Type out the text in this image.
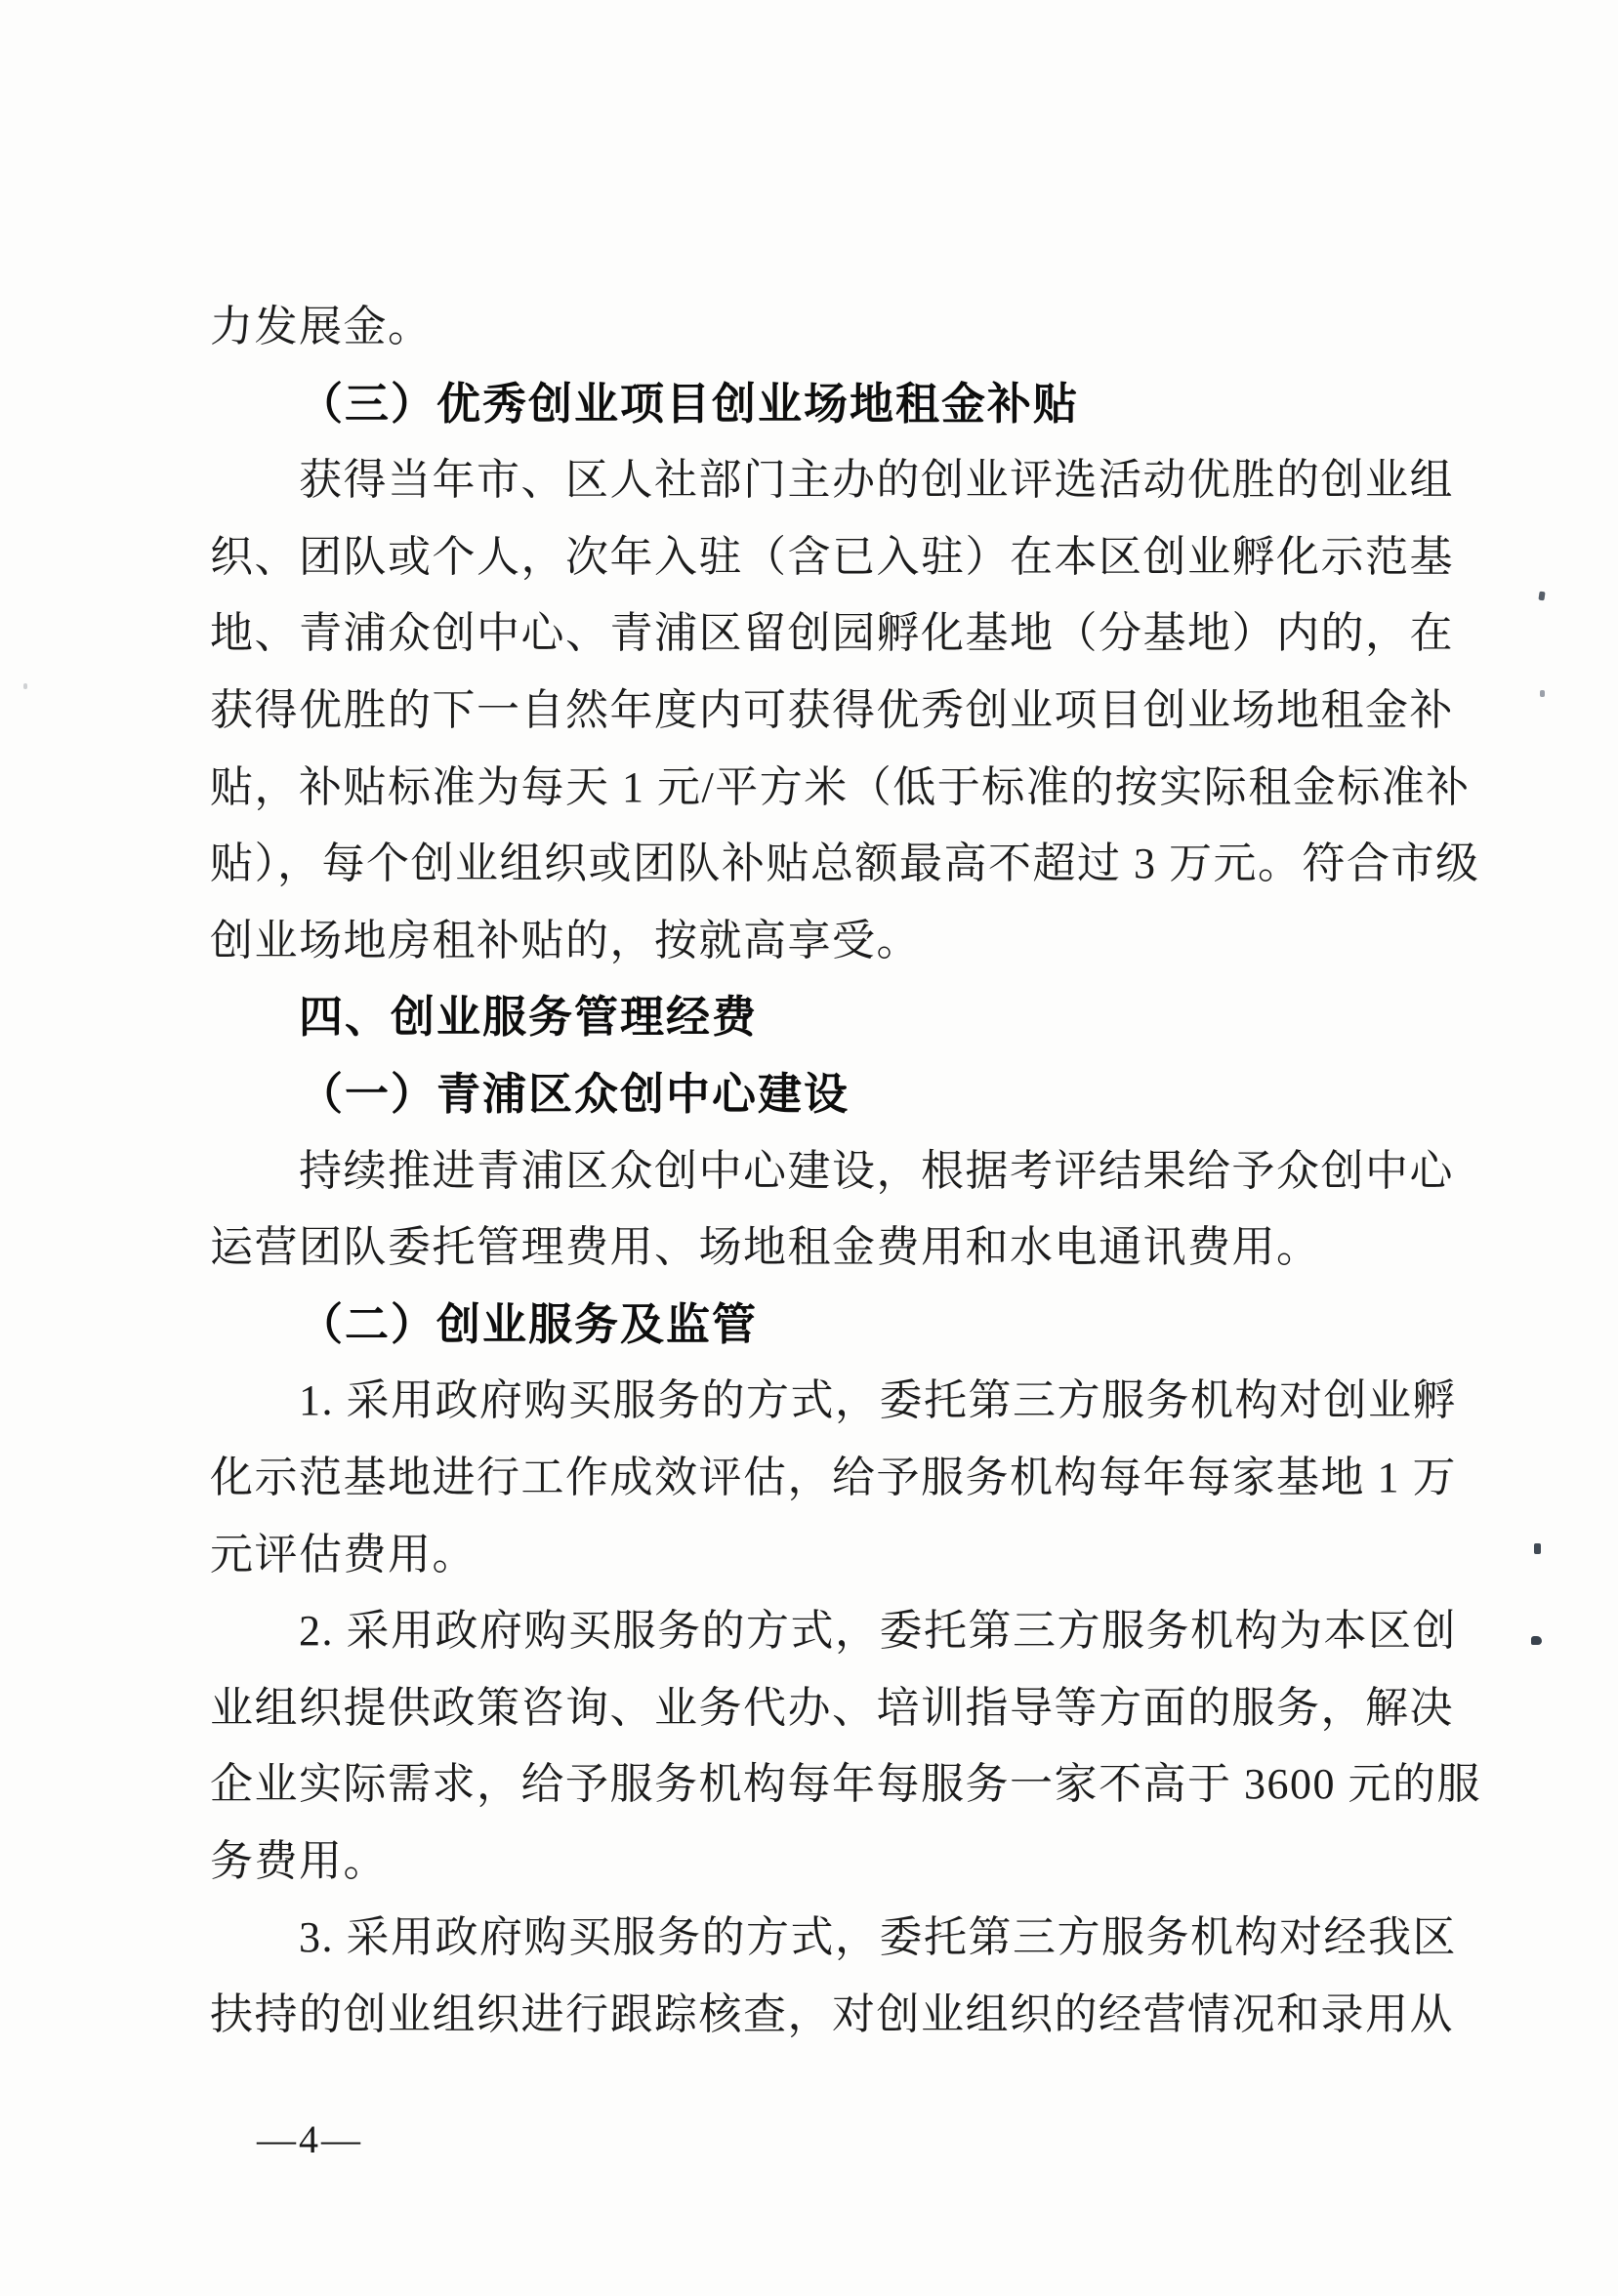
力发展金。
（三）优秀创业项目创业场地租金补贴
获得当年市、区人社部门主办的创业评选活动优胜的创业组
织、团队或个人，次年入驻（含已入驻）在本区创业孵化示范基
地、青浦众创中心、青浦区留创园孵化基地（分基地）内的，在
获得优胜的下一自然年度内可获得优秀创业项目创业场地租金补
贴，补贴标准为每天 1 元/平方米（低于标准的按实际租金标准补
贴），每个创业组织或团队补贴总额最高不超过 3 万元。符合市级
创业场地房租补贴的，按就高享受。
四、创业服务管理经费
（一）青浦区众创中心建设
持续推进青浦区众创中心建设，根据考评结果给予众创中心
运营团队委托管理费用、场地租金费用和水电通讯费用。
（二）创业服务及监管
1. 采用政府购买服务的方式，委托第三方服务机构对创业孵
化示范基地进行工作成效评估，给予服务机构每年每家基地 1 万
元评估费用。
2. 采用政府购买服务的方式，委托第三方服务机构为本区创
业组织提供政策咨询、业务代办、培训指导等方面的服务，解决
企业实际需求，给予服务机构每年每服务一家不高于 3600 元的服
务费用。
3. 采用政府购买服务的方式，委托第三方服务机构对经我区
扶持的创业组织进行跟踪核查，对创业组织的经营情况和录用从
—4—
